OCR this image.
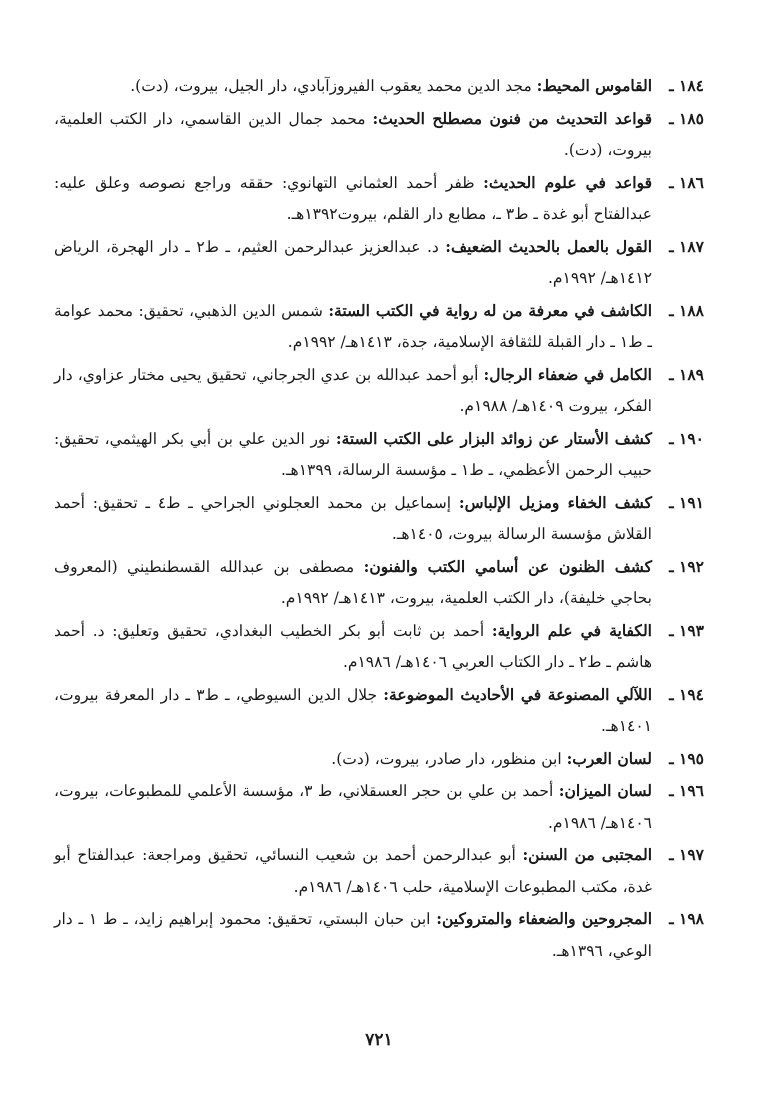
١٨٤ ـ
القاموس المحيط: مجد الدين محمد يعقوب الفيروزآبادي، دار الجيل، بيروت، (دت).
١٨٥ ـ
قواعد التحديث من فنون مصطلح الحديث: محمد جمال الدين القاسمي، دار الكتب العلمية، بيروت، (دت).
١٨٦ ـ
قواعد في علوم الحديث: ظفر أحمد العثماني التهانوي: حققه وراجع نصوصه وعلق عليه: عبدالفتاح أبو غدة ـ ط٣ ـ، مطابع دار القلم، بيروت١٣٩٢هـ.
١٨٧ ـ
القول بالعمل بالحديث الضعيف: د. عبدالعزيز عبدالرحمن العثيم، ـ ط٢ ـ دار الهجرة، الرياض ١٤١٢هـ/ ١٩٩٢م.
١٨٨ ـ
الكاشف في معرفة من له رواية في الكتب الستة: شمس الدين الذهبي، تحقيق: محمد عوامة ـ ط١ ـ دار القبلة للثقافة الإسلامية، جدة، ١٤١٣هـ/ ١٩٩٢م.
١٨٩ ـ
الكامل في ضعفاء الرجال: أبو أحمد عبدالله بن عدي الجرجاني، تحقيق يحيى مختار عزاوي، دار الفكر، بيروت ١٤٠٩هـ/ ١٩٨٨م.
١٩٠ ـ
كشف الأستار عن زوائد البزار على الكتب الستة: نور الدين علي بن أبي بكر الهيثمي، تحقيق: حبيب الرحمن الأعظمي، ـ ط١ ـ مؤسسة الرسالة، ١٣٩٩هـ.
١٩١ ـ
كشف الخفاء ومزيل الإلباس: إسماعيل بن محمد العجلوني الجراحي ـ ط٤ ـ تحقيق: أحمد القلاش مؤسسة الرسالة بيروت، ١٤٠٥هـ.
١٩٢ ـ
كشف الظنون عن أسامي الكتب والفنون: مصطفى بن عبدالله القسطنطيني (المعروف بحاجي خليفة)، دار الكتب العلمية، بيروت، ١٤١٣هـ/ ١٩٩٢م.
١٩٣ ـ
الكفاية في علم الرواية: أحمد بن ثابت أبو بكر الخطيب البغدادي، تحقيق وتعليق: د. أحمد هاشم ـ ط٢ ـ دار الكتاب العربي ١٤٠٦هـ/ ١٩٨٦م.
١٩٤ ـ
اللآلي المصنوعة في الأحاديث الموضوعة: جلال الدين السيوطي، ـ ط٣ ـ دار المعرفة بيروت، ١٤٠١هـ.
١٩٥ ـ
لسان العرب: ابن منظور، دار صادر، بيروت، (دت).
١٩٦ ـ
لسان الميزان: أحمد بن علي بن حجر العسقلاني، ط ٣، مؤسسة الأعلمي للمطبوعات، بيروت، ١٤٠٦هـ/ ١٩٨٦م.
١٩٧ ـ
المجتبى من السنن: أبو عبدالرحمن أحمد بن شعيب النسائي، تحقيق ومراجعة: عبدالفتاح أبو غدة، مكتب المطبوعات الإسلامية، حلب ١٤٠٦هـ/ ١٩٨٦م.
١٩٨ ـ
المجروحين والضعفاء والمتروكين: ابن حبان البستي، تحقيق: محمود إبراهيم زايد، ـ ط ١ ـ دار الوعي، ١٣٩٦هـ.
٧٢١
